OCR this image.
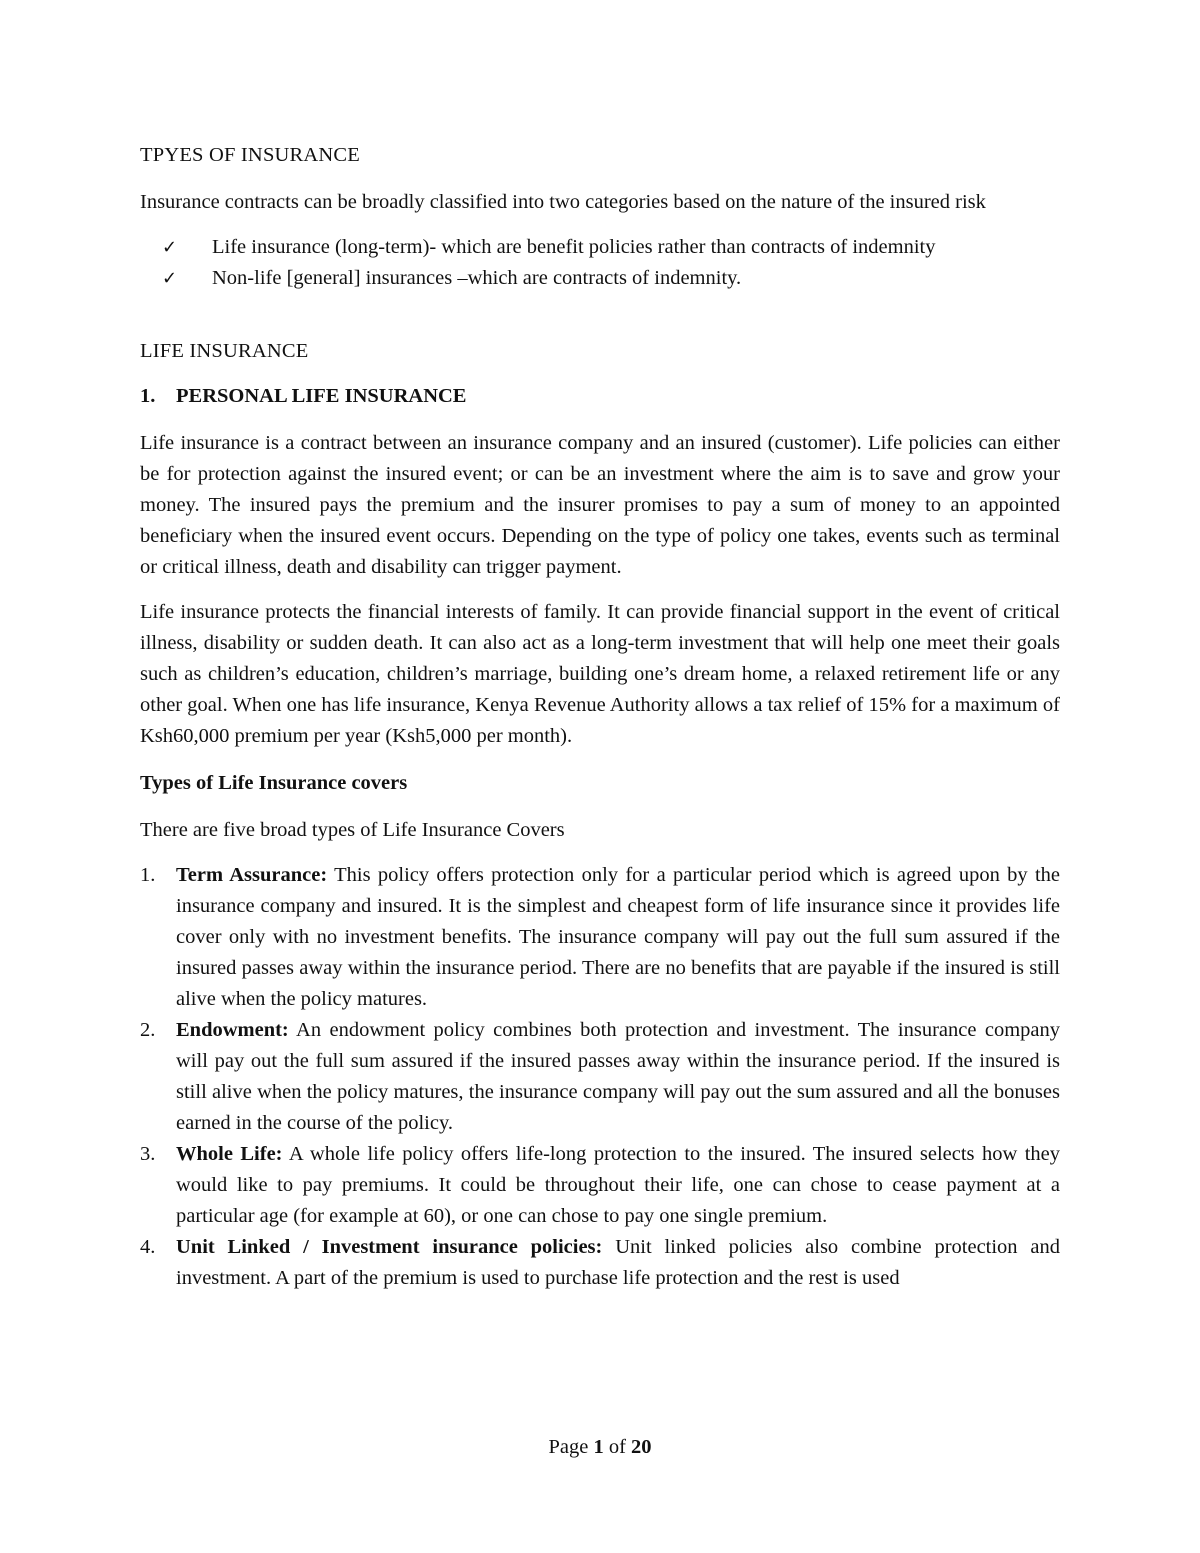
TPYES OF INSURANCE

Insurance contracts can be broadly classified into two categories based on the nature of the insured risk

✓ Life insurance (long-term)- which are benefit policies rather than contracts of indemnity
✓ Non-life [general] insurances –which are contracts of indemnity.

LIFE INSURANCE

1. PERSONAL LIFE INSURANCE

Life insurance is a contract between an insurance company and an insured (customer). Life policies can either be for protection against the insured event; or can be an investment where the aim is to save and grow your money. The insured pays the premium and the insurer promises to pay a sum of money to an appointed beneficiary when the insured event occurs. Depending on the type of policy one takes, events such as terminal or critical illness, death and disability can trigger payment.

Life insurance protects the financial interests of family. It can provide financial support in the event of critical illness, disability or sudden death. It can also act as a long-term investment that will help one meet their goals such as children’s education, children’s marriage, building one’s dream home, a relaxed retirement life or any other goal. When one has life insurance, Kenya Revenue Authority allows a tax relief of 15% for a maximum of Ksh60,000 premium per year (Ksh5,000 per month).

Types of Life Insurance covers

There are five broad types of Life Insurance Covers

1. Term Assurance: This policy offers protection only for a particular period which is agreed upon by the insurance company and insured. It is the simplest and cheapest form of life insurance since it provides life cover only with no investment benefits. The insurance company will pay out the full sum assured if the insured passes away within the insurance period. There are no benefits that are payable if the insured is still alive when the policy matures.
2. Endowment: An endowment policy combines both protection and investment. The insurance company will pay out the full sum assured if the insured passes away within the insurance period. If the insured is still alive when the policy matures, the insurance company will pay out the sum assured and all the bonuses earned in the course of the policy.
3. Whole Life: A whole life policy offers life-long protection to the insured. The insured selects how they would like to pay premiums. It could be throughout their life, one can chose to cease payment at a particular age (for example at 60), or one can chose to pay one single premium.
4. Unit Linked / Investment insurance policies: Unit linked policies also combine protection and investment. A part of the premium is used to purchase life protection and the rest is used
Page 1 of 20
